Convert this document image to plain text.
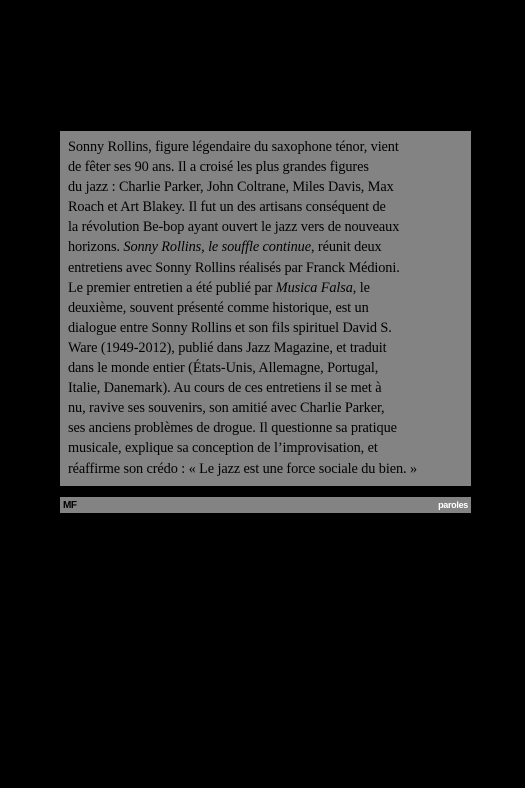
Sonny Rollins, figure légendaire du saxophone ténor, vient
de fêter ses 90 ans. Il a croisé les plus grandes figures
du jazz : Charlie Parker, John Coltrane, Miles Davis, Max
Roach et Art Blakey. Il fut un des artisans conséquent de
la révolution Be-bop ayant ouvert le jazz vers de nouveaux
horizons. Sonny Rollins, le souffle continue, réunit deux
entretiens avec Sonny Rollins réalisés par Franck Médioni.
Le premier entretien a été publié par Musica Falsa, le
deuxième, souvent présenté comme historique, est un
dialogue entre Sonny Rollins et son fils spirituel David S.
Ware (1949-2012), publié dans Jazz Magazine, et traduit
dans le monde entier (États-Unis, Allemagne, Portugal,
Italie, Danemark). Au cours de ces entretiens il se met à
nu, ravive ses souvenirs, son amitié avec Charlie Parker,
ses anciens problèmes de drogue. Il questionne sa pratique
musicale, explique sa conception de l’improvisation, et
réaffirme son crédo : « Le jazz est une force sociale du bien. »

MF	paroles
